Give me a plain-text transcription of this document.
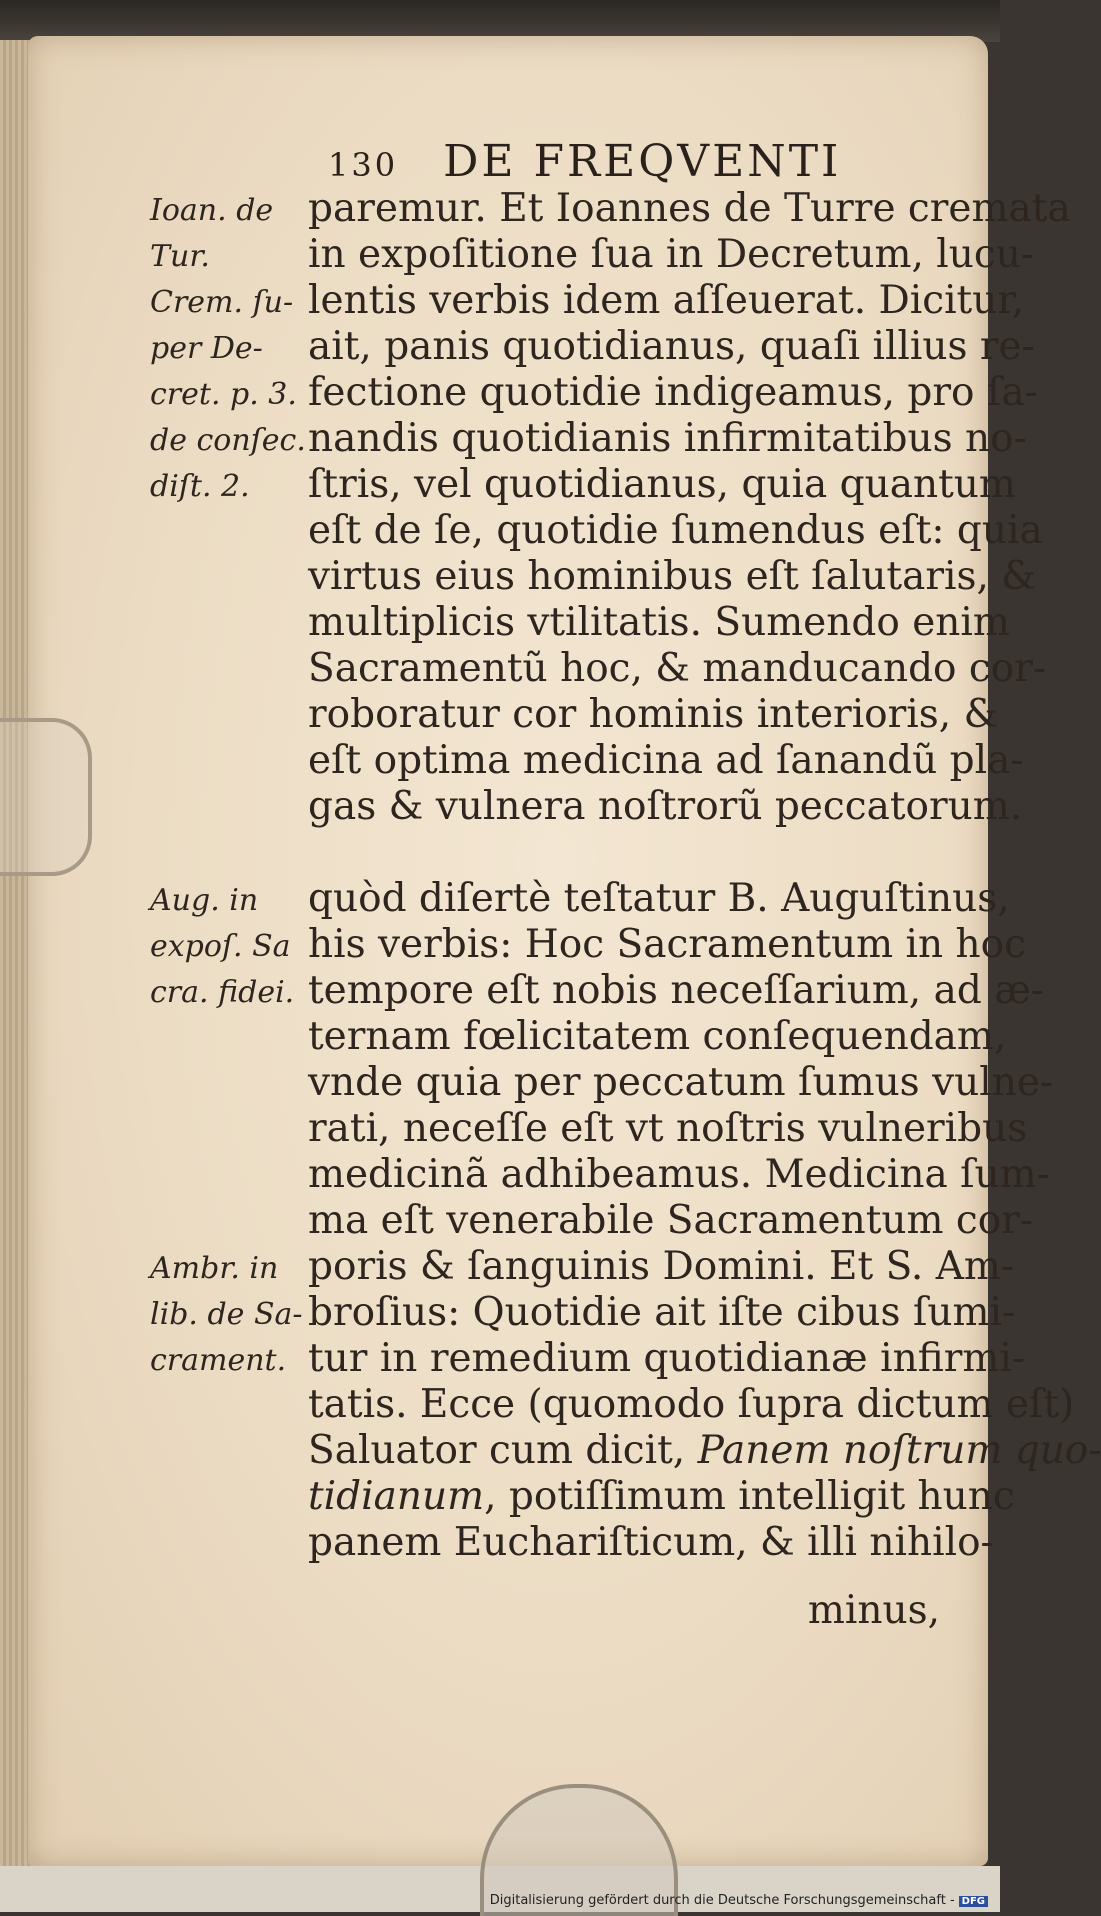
130 DE FREQVENTI
Ioan. de
Tur.
Crem. ſu-
per De-
cret. p. 3.
de conſec.
diſt. 2.
Aug. in
expoſ. Sa
cra. fidei.
Ambr. in
lib. de Sa-
crament.
paremur. Et Ioannes de Turre cremata
in expoſitione ſua in Decretum, lucu-
lentis verbis idem aſſeuerat. Dicitur,
ait, panis quotidianus, quaſi illius re-
fectione quotidie indigeamus, pro ſa-
nandis quotidianis infirmitatibus no-
ſtris, vel quotidianus, quia quantum
eſt de ſe, quotidie ſumendus eſt: quia
virtus eius hominibus eſt ſalutaris, &
multiplicis vtilitatis. Sumendo enim
Sacramentũ hoc, & manducando cor-
roboratur cor hominis interioris, &
eſt optima medicina ad ſanandũ pla-
gas & vulnera noſtrorũ peccatorum.
quòd diſertè teſtatur B. Auguſtinus,
his verbis: Hoc Sacramentum in hoc
tempore eſt nobis neceſſarium, ad æ-
ternam fœlicitatem conſequendam,
vnde quia per peccatum ſumus vulne-
rati, neceſſe eſt vt noſtris vulneribus
medicinã adhibeamus. Medicina ſum-
ma eſt venerabile Sacramentum cor-
poris & ſanguinis Domini. Et S. Am-
broſius: Quotidie ait iſte cibus ſumi-
tur in remedium quotidianæ infirmi-
tatis. Ecce (quomodo ſupra dictum eſt)
Saluator cum dicit, Panem noſtrum quo-
tidianum, potiſſimum intelligit hunc
panem Euchariſticum, & illi nihilo-
minus,
Digitalisierung gefördert durch die Deutsche Forschungsgemeinschaft - DFG
